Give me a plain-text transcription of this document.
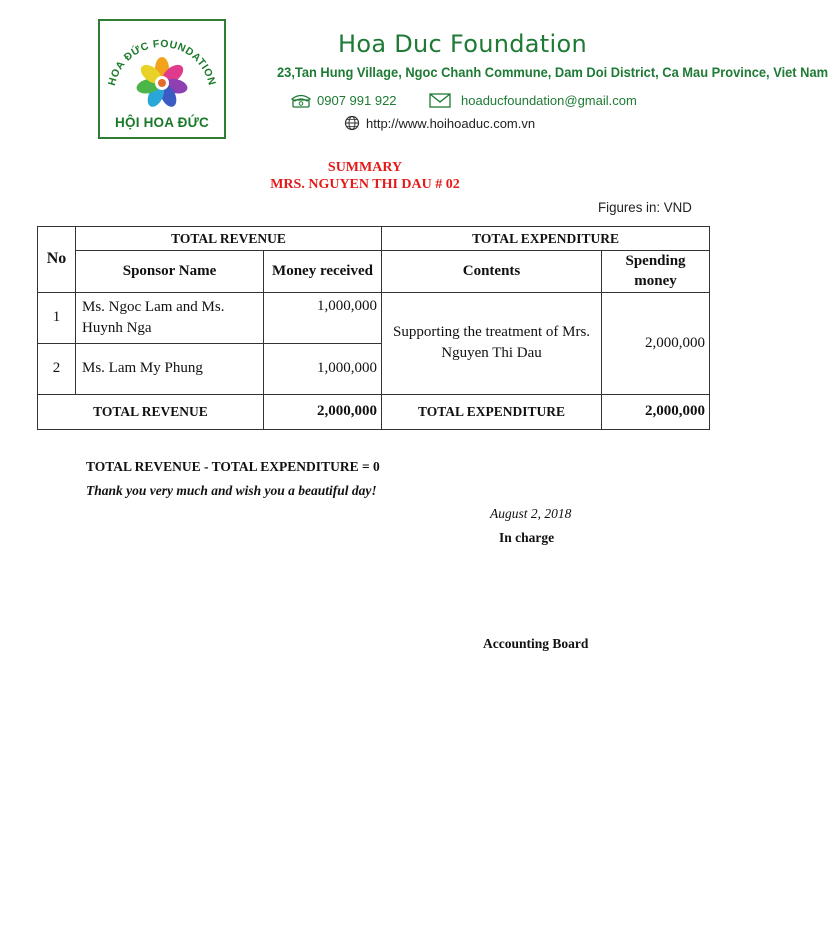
HOA ĐỨC FOUNDATION
HỘI HOA ĐỨC
Hoa Duc Foundation
23,Tan Hung Village, Ngoc Chanh Commune, Dam Doi District, Ca Mau Province, Viet Nam
0907 991 922	hoaducfoundation@gmail.com
http://www.hoihoaduc.com.vn
SUMMARY
MRS. NGUYEN THI DAU # 02
Figures in: VND
No	TOTAL REVENUE		TOTAL EXPENDITURE	
	Sponsor Name	Money received	Contents	Spending money
1	Ms. Ngoc Lam and Ms. Huynh Nga	1,000,000	Supporting the treatment of Mrs. Nguyen Thi Dau	2,000,000
2	Ms. Lam My Phung	1,000,000		
TOTAL REVENUE		2,000,000	TOTAL EXPENDITURE	2,000,000
TOTAL REVENUE - TOTAL EXPENDITURE = 0
Thank you very much and wish you a beautiful day!
August 2, 2018
In charge
Accounting Board
